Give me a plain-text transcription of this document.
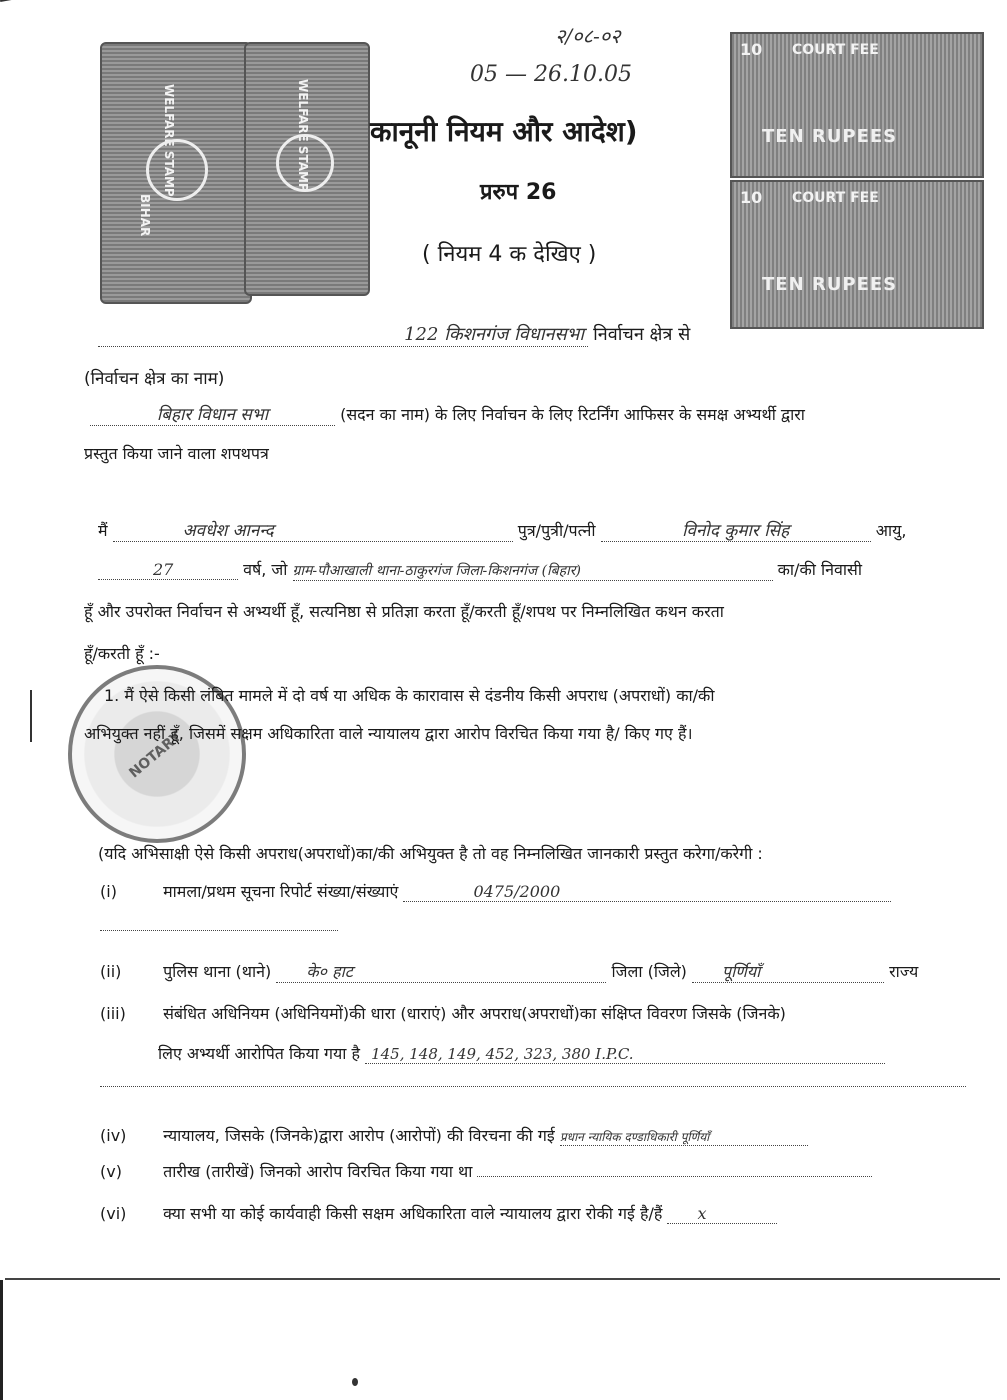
WELFARE STAMP
BIHAR
WELFARE STAMP
10 COURT FEE
TEN RUPEES
10 COURT FEE
TEN RUPEES
२/०८-०२
05 — 26.10.05
कानूनी नियम और आदेश)
प्ररुप 26
( नियम 4 क देखिए )
122 किशनगंज विधानसभा निर्वाचन क्षेत्र से
(निर्वाचन क्षेत्र का नाम)
बिहार विधान सभा	(सदन का नाम) के लिए निर्वाचन के लिए रिटर्निंग आफिसर के समक्ष अभ्यर्थी द्वारा
प्रस्तुत किया जाने वाला शपथपत्र
मैं	अवधेश आनन्द	पुत्र/पुत्री/पत्नी	विनोद कुमार सिंह	आयु,
27	वर्ष, जो ग्राम-पौआखाली थाना-ठाकुरगंज जिला-किशनगंज (बिहार)	का/की निवासी
हूँ और उपरोक्त निर्वाचन से अभ्यर्थी हूँ, सत्यनिष्ठा से प्रतिज्ञा करता हूँ/करती हूँ/शपथ पर निम्नलिखित कथन करता
हूँ/करती हूँ :-
NOTARY
1. मैं ऐसे किसी लंबित मामले में दो वर्ष या अधिक के कारावास से दंडनीय किसी अपराध (अपराधों) का/की
अभियुक्त नहीं हूँ, जिसमें सक्षम अधिकारिता वाले न्यायालय द्वारा आरोप विरचित किया गया है/ किए गए हैं।
(यदि अभिसाक्षी ऐसे किसी अपराध(अपराधों)का/की अभियुक्त है तो वह निम्नलिखित जानकारी प्रस्तुत करेगा/करेगी :
(i)	मामला/प्रथम सूचना रिपोर्ट संख्या/संख्याएं	0475/2000
(ii)	पुलिस थाना (थाने) के० हाट	जिला (जिले) पूर्णियाँ	राज्य
(iii) संबंधित अधिनियम (अधिनियमों)की धारा (धाराएं) और अपराध(अपराधों)का संक्षिप्त विवरण जिसके (जिनके)
लिए अभ्यर्थी आरोपित किया गया है 145, 148, 149, 452, 323, 380 I.P.C.
(iv) न्यायालय, जिसके (जिनके)द्वारा आरोप (आरोपों) की विरचना की गई प्रधान न्यायिक दण्डाधिकारी पूर्णियाँ
(v)	तारीख (तारीखें) जिनको आरोप विरचित किया गया था
(vi) क्या सभी या कोई कार्यवाही किसी सक्षम अधिकारिता वाले न्यायालय द्वारा रोकी गई है/हैं x
